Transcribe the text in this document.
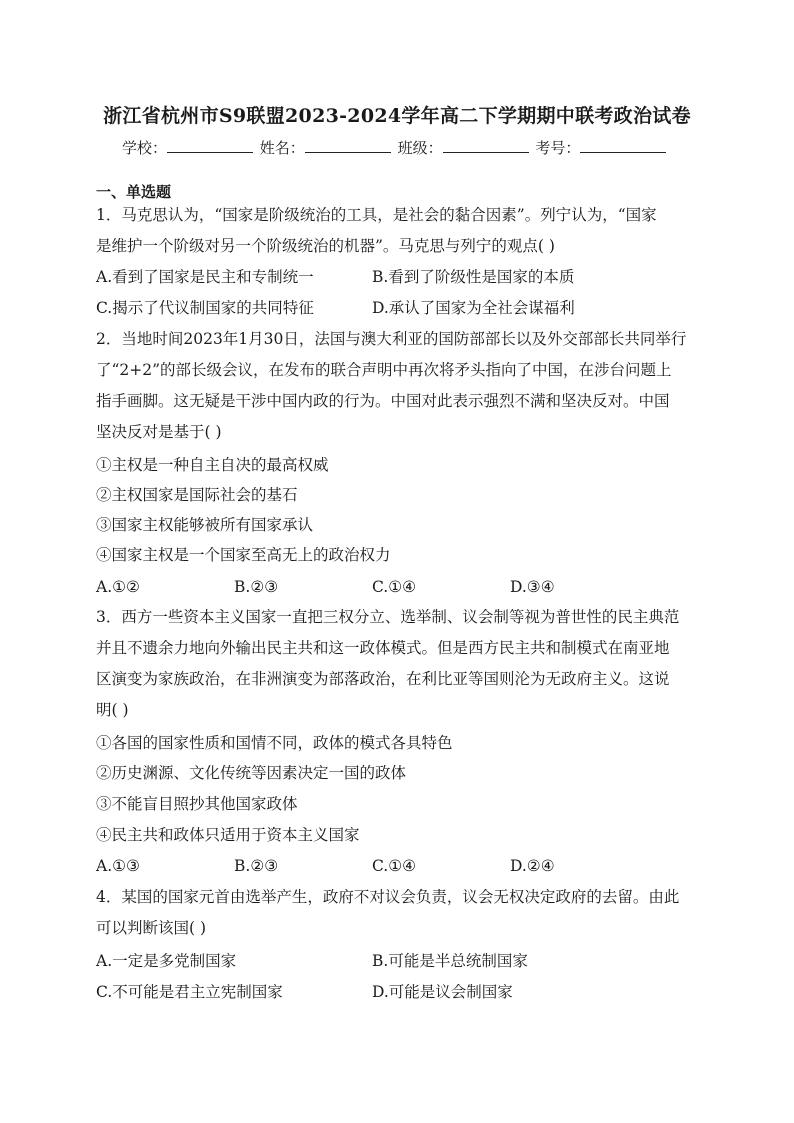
浙江省杭州市S9联盟2023-2024学年高二下学期期中联考政治试卷
学校：	姓名：	班级：	考号：
一、单选题
1．马克思认为，“国家是阶级统治的工具，是社会的黏合因素”。列宁认为，“国家
是维护一个阶级对另一个阶级统治的机器”。马克思与列宁的观点( )
A.看到了国家是民主和专制统一	B.看到了阶级性是国家的本质
C.揭示了代议制国家的共同特征	D.承认了国家为全社会谋福利
2．当地时间2023年1月30日，法国与澳大利亚的国防部部长以及外交部部长共同举行
了“2+2”的部长级会议，在发布的联合声明中再次将矛头指向了中国，在涉台问题上
指手画脚。这无疑是干涉中国内政的行为。中国对此表示强烈不满和坚决反对。中国
坚决反对是基于( )
①主权是一种自主自决的最高权威
②主权国家是国际社会的基石
③国家主权能够被所有国家承认
④国家主权是一个国家至高无上的政治权力
A.①②	B.②③	C.①④	D.③④
3．西方一些资本主义国家一直把三权分立、选举制、议会制等视为普世性的民主典范
并且不遗余力地向外输出民主共和这一政体模式。但是西方民主共和制模式在南亚地
区演变为家族政治，在非洲演变为部落政治，在利比亚等国则沦为无政府主义。这说
明( )
①各国的国家性质和国情不同，政体的模式各具特色
②历史渊源、文化传统等因素决定一国的政体
③不能盲目照抄其他国家政体
④民主共和政体只适用于资本主义国家
A.①③	B.②③	C.①④	D.②④
4．某国的国家元首由选举产生，政府不对议会负责，议会无权决定政府的去留。由此
可以判断该国( )
A.一定是多党制国家	B.可能是半总统制国家
C.不可能是君主立宪制国家	D.可能是议会制国家
